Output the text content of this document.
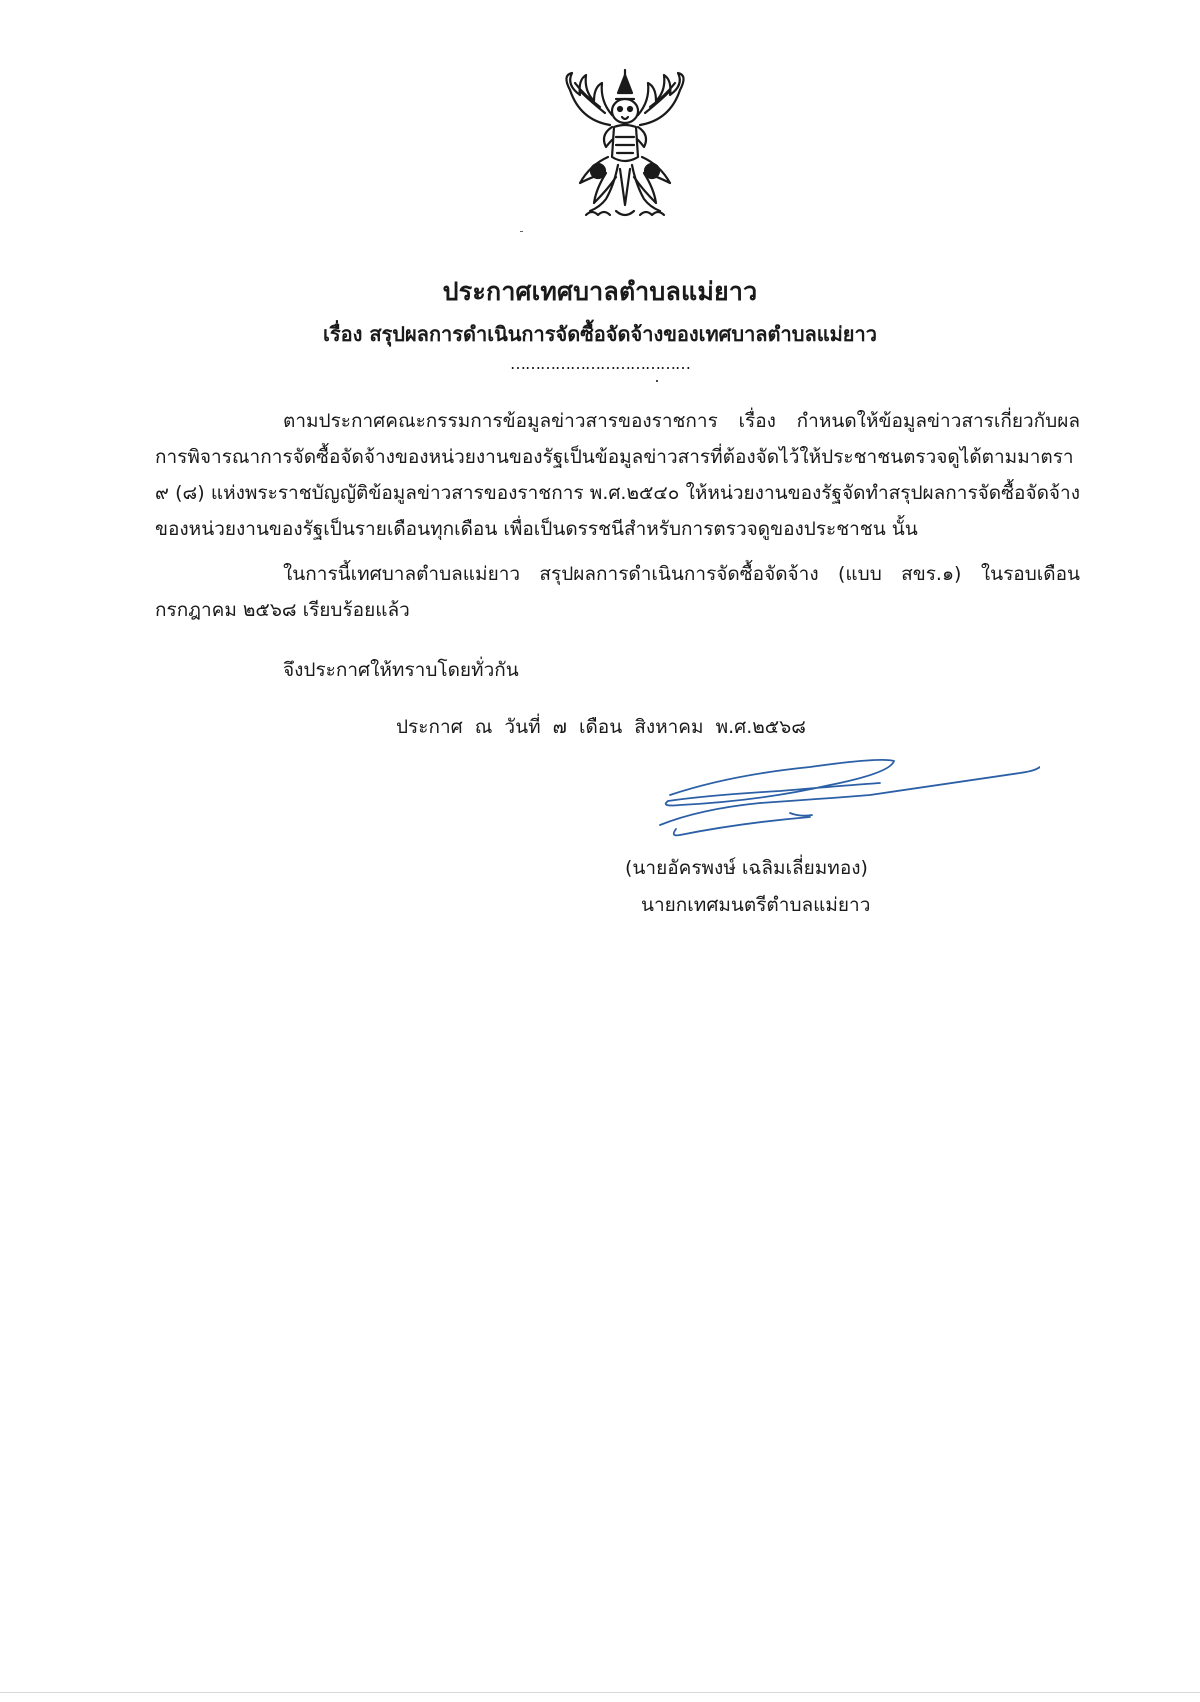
ประกาศเทศบาลตำบลแม่ยาว
เรื่อง สรุปผลการดำเนินการจัดซื้อจัดจ้างของเทศบาลตำบลแม่ยาว
………………………………

ตามประกาศคณะกรรมการข้อมูลข่าวสารของราชการ เรื่อง กำหนดให้ข้อมูลข่าวสารเกี่ยวกับผลการพิจารณาการจัดซื้อจัดจ้างของหน่วยงานของรัฐเป็นข้อมูลข่าวสารที่ต้องจัดไว้ให้ประชาชนตรวจดูได้ตามมาตรา ๙ (๘) แห่งพระราชบัญญัติข้อมูลข่าวสารของราชการ พ.ศ.๒๕๔๐ ให้หน่วยงานของรัฐจัดทำสรุปผลการจัดซื้อจัดจ้างของหน่วยงานของรัฐเป็นรายเดือนทุกเดือน เพื่อเป็นดรรชนีสำหรับการตรวจดูของประชาชน นั้น

ในการนี้เทศบาลตำบลแม่ยาว สรุปผลการดำเนินการจัดซื้อจัดจ้าง (แบบ สขร.๑) ในรอบเดือนกรกฎาคม ๒๕๖๘ เรียบร้อยแล้ว

จึงประกาศให้ทราบโดยทั่วกัน
ประกาศ ณ วันที่ ๗ เดือน สิงหาคม พ.ศ.๒๕๖๘
(นายอัครพงษ์ เฉลิมเลี่ยมทอง)
นายกเทศมนตรีตำบลแม่ยาว
